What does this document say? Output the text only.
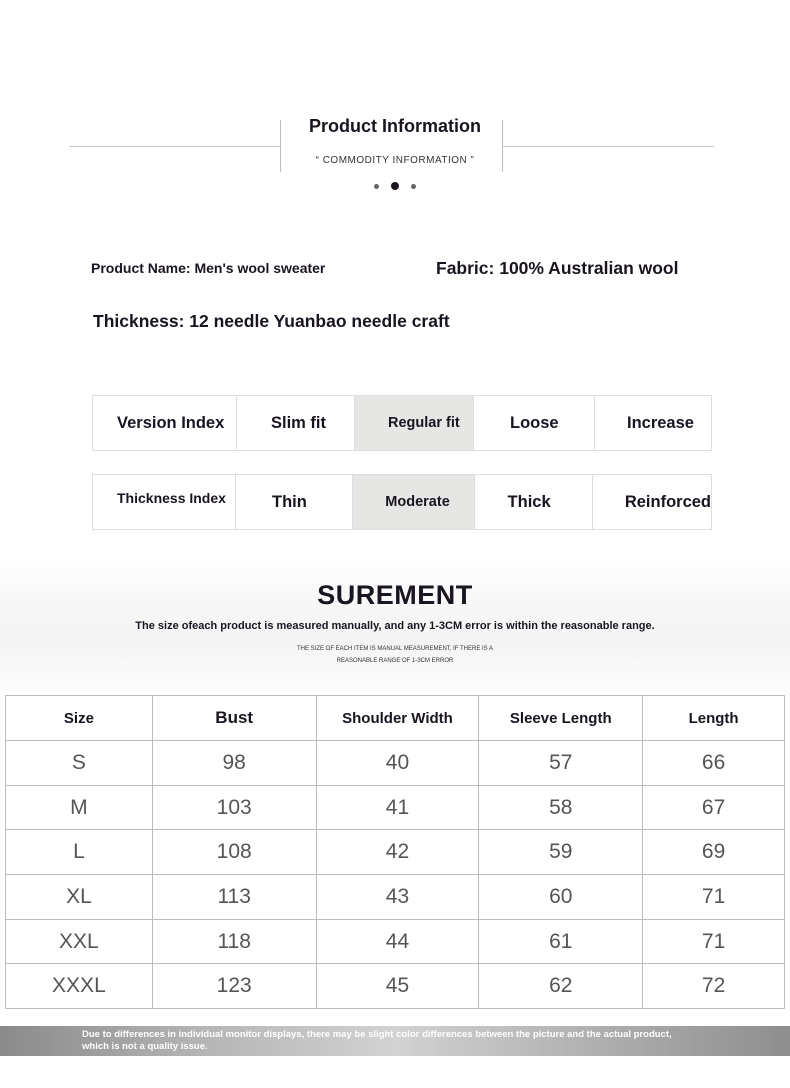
Product Information
“ COMMODITY INFORMATION ”
Product Name: Men's wool sweater	Fabric: 100% Australian wool
Thickness: 12 needle Yuanbao needle craft
Version Index	Slim fit	Regular fit	Loose	Increase
Thickness Index	Thin	Moderate	Thick	Reinforced
SUREMENT
The size ofeach product is measured manually, and any 1-3CM error is within the reasonable range.
THE SIZE OF EACH ITEM IS MANUAL MEASUREMENT, IF THERE IS A
REASONABLE RANGE OF 1-3CM ERROR
Size	Bust	Shoulder Width	Sleeve Length	Length
S	98	40	57	66
M	103	41	58	67
L	108	42	59	69
XL	113	43	60	71
XXL	118	44	61	71
XXXL	123	45	62	72
Due to differences in individual monitor displays, there may be slight color differences between the picture and the actual product,
which is not a quality issue.
